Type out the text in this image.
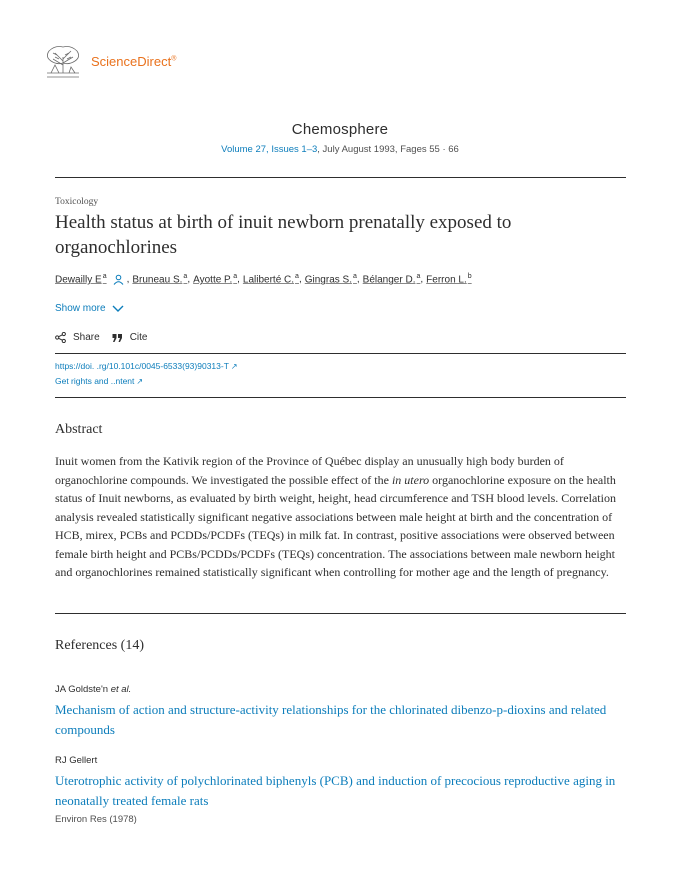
ScienceDirect®
Chemosphere
Volume 27, Issues 1–3, July August 1993, Fages 55 · 66
Toxicology
Health status at birth of inuit newborn prenatally exposed to organochlorines
Dewailly $E^a$ , Bruneau S.$^a$ , Ayotte P.$^a$ , Laliberté C.$^a$ , Gingras S.$^a$ , Bélanger D.$^a$ , Ferron L.$^b$
Show more
Share	Cite
https://doi. .rg/10.101c/0045-6533(93)90313-T ↗
Get rights and ..ntent ↗
Abstract

Inuit women from the Kativik region of the Province of Québec display an unusually high body burden of organochlorine compounds. We investigated the possible effect of the in utero organochlorine exposure on the health status of Inuit newborns, as evaluated by birth weight, height, head circumference and TSH blood levels. Correlation analysis revealed statistically significant negative associations between male height at birth and the concentration of HCB, mirex, PCBs and PCDDs/PCDFs (TEQs) in milk fat. In contrast, positive associations were observed between female birth height and PCBs/PCDDs/PCDFs (TEQs) concentration. The associations between male newborn height and organochlorines remained statistically significant when controlling for mother age and the length of pregnancy.

References (14)
JA Goldste'n et al.
Mechanism of action and structure-activity relationships for the chlorinated dibenzo-p-dioxins and related compounds
RJ Gellert
Uterotrophic activity of polychlorinated biphenyls (PCB) and induction of precocious reproductive aging in neonatally treated female rats
Environ Res (1978)
